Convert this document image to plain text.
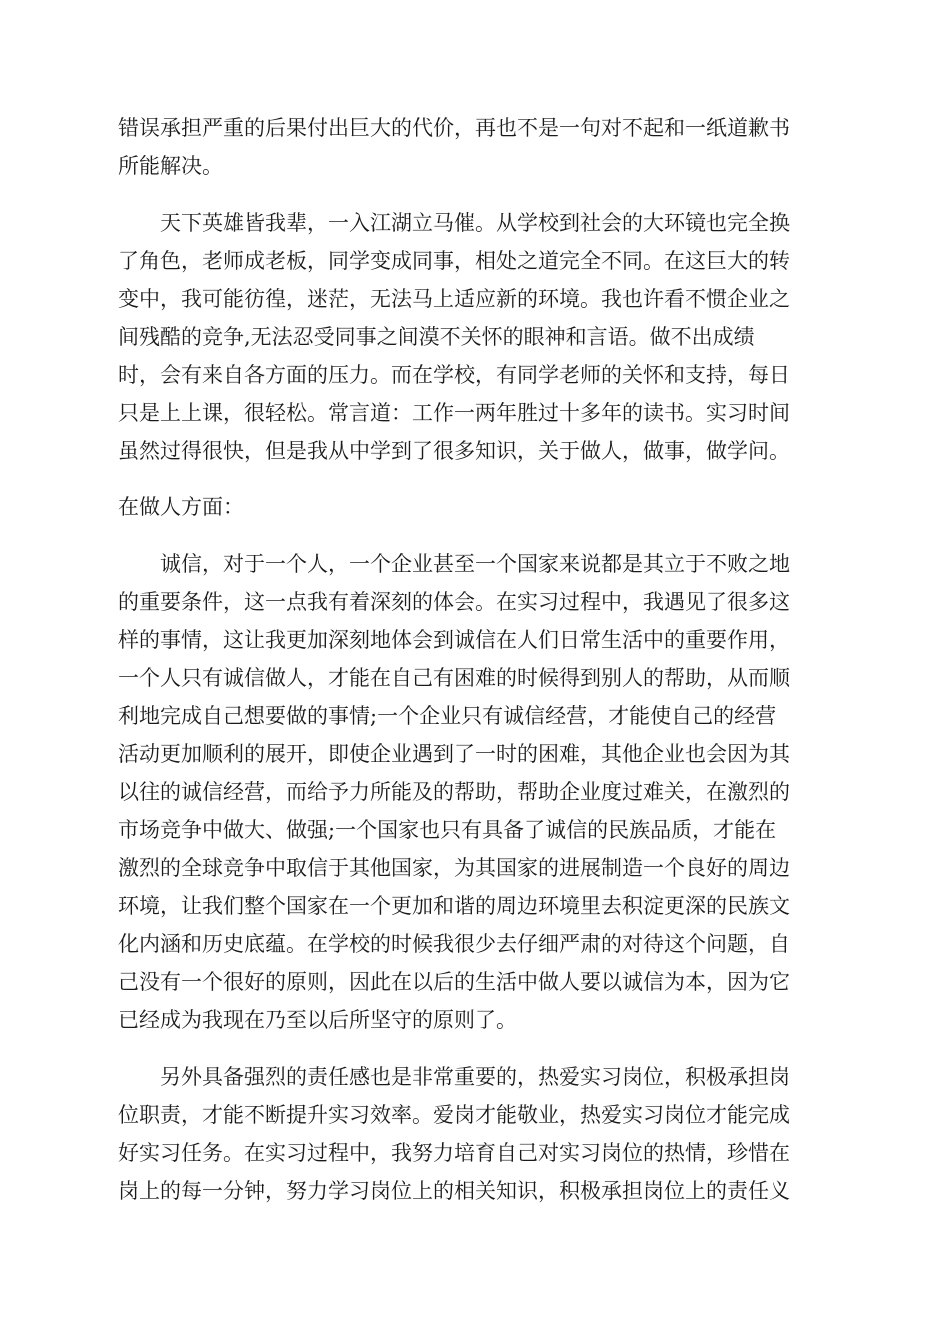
错误承担严重的后果付出巨大的代价，再也不是一句对不起和一纸道歉书

所能解决。

天下英雄皆我辈，一入江湖立马催。从学校到社会的大环镜也完全换

了角色，老师成老板，同学变成同事，相处之道完全不同。在这巨大的转

变中，我可能彷徨，迷茫，无法马上适应新的环境。我也许看不惯企业之

间残酷的竞争,无法忍受同事之间漠不关怀的眼神和言语。做不出成绩

时，会有来自各方面的压力。而在学校，有同学老师的关怀和支持，每日

只是上上课，很轻松。常言道：工作一两年胜过十多年的读书。实习时间

虽然过得很快，但是我从中学到了很多知识，关于做人，做事，做学问。

在做人方面：

诚信，对于一个人，一个企业甚至一个国家来说都是其立于不败之地

的重要条件，这一点我有着深刻的体会。在实习过程中，我遇见了很多这

样的事情，这让我更加深刻地体会到诚信在人们日常生活中的重要作用，

一个人只有诚信做人，才能在自己有困难的时候得到别人的帮助，从而顺

利地完成自己想要做的事情;一个企业只有诚信经营，才能使自己的经营

活动更加顺利的展开，即使企业遇到了一时的困难，其他企业也会因为其

以往的诚信经营，而给予力所能及的帮助，帮助企业度过难关，在激烈的

市场竞争中做大、做强;一个国家也只有具备了诚信的民族品质，才能在

激烈的全球竞争中取信于其他国家，为其国家的进展制造一个良好的周边

环境，让我们整个国家在一个更加和谐的周边环境里去积淀更深的民族文

化内涵和历史底蕴。在学校的时候我很少去仔细严肃的对待这个问题，自

己没有一个很好的原则，因此在以后的生活中做人要以诚信为本，因为它

已经成为我现在乃至以后所坚守的原则了。

另外具备强烈的责任感也是非常重要的，热爱实习岗位，积极承担岗

位职责，才能不断提升实习效率。爱岗才能敬业，热爱实习岗位才能完成

好实习任务。在实习过程中，我努力培育自己对实习岗位的热情，珍惜在

岗上的每一分钟，努力学习岗位上的相关知识，积极承担岗位上的责任义
